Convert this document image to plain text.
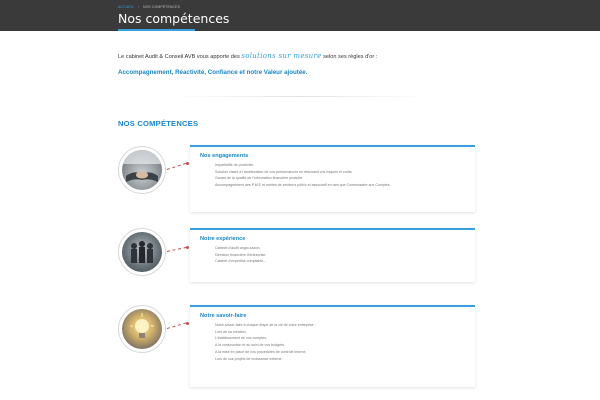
ACCUEIL / NOS COMPÉTENCES
Nos compétences

Le cabinet Audit & Conseil AVB vous apporte des solutions sur mesure selon ses règles d'or :

Accompagnement, Réactivité, Confiance et notre Valeur ajoutée.

NOS COMPÉTENCES
Nos engagements
Impartialité de proximité.
Solution visant à l'amélioration de vos performances en réduisant vos risques et coûts.
Garant de la qualité de l'information financière produite.
Accompagnement des P.M.E et entités de secteurs public et associatif en tant que Commissaire aux Comptes.
Notre expérience
Cabinet d'audit anglo-saxon.
Direction financière d'entreprise.
Cabinet d'expertise comptable...
Notre savoir-faire
Notre savoir-faire à chaque étape de la vie de votre entreprise :
Lors de sa création,
L'établissement de vos comptes,
A la construction et au suivi de vos budgets,
A la mise en place de vos procédures de contrôle interne,
Lors de vos projets de croissance externe.
